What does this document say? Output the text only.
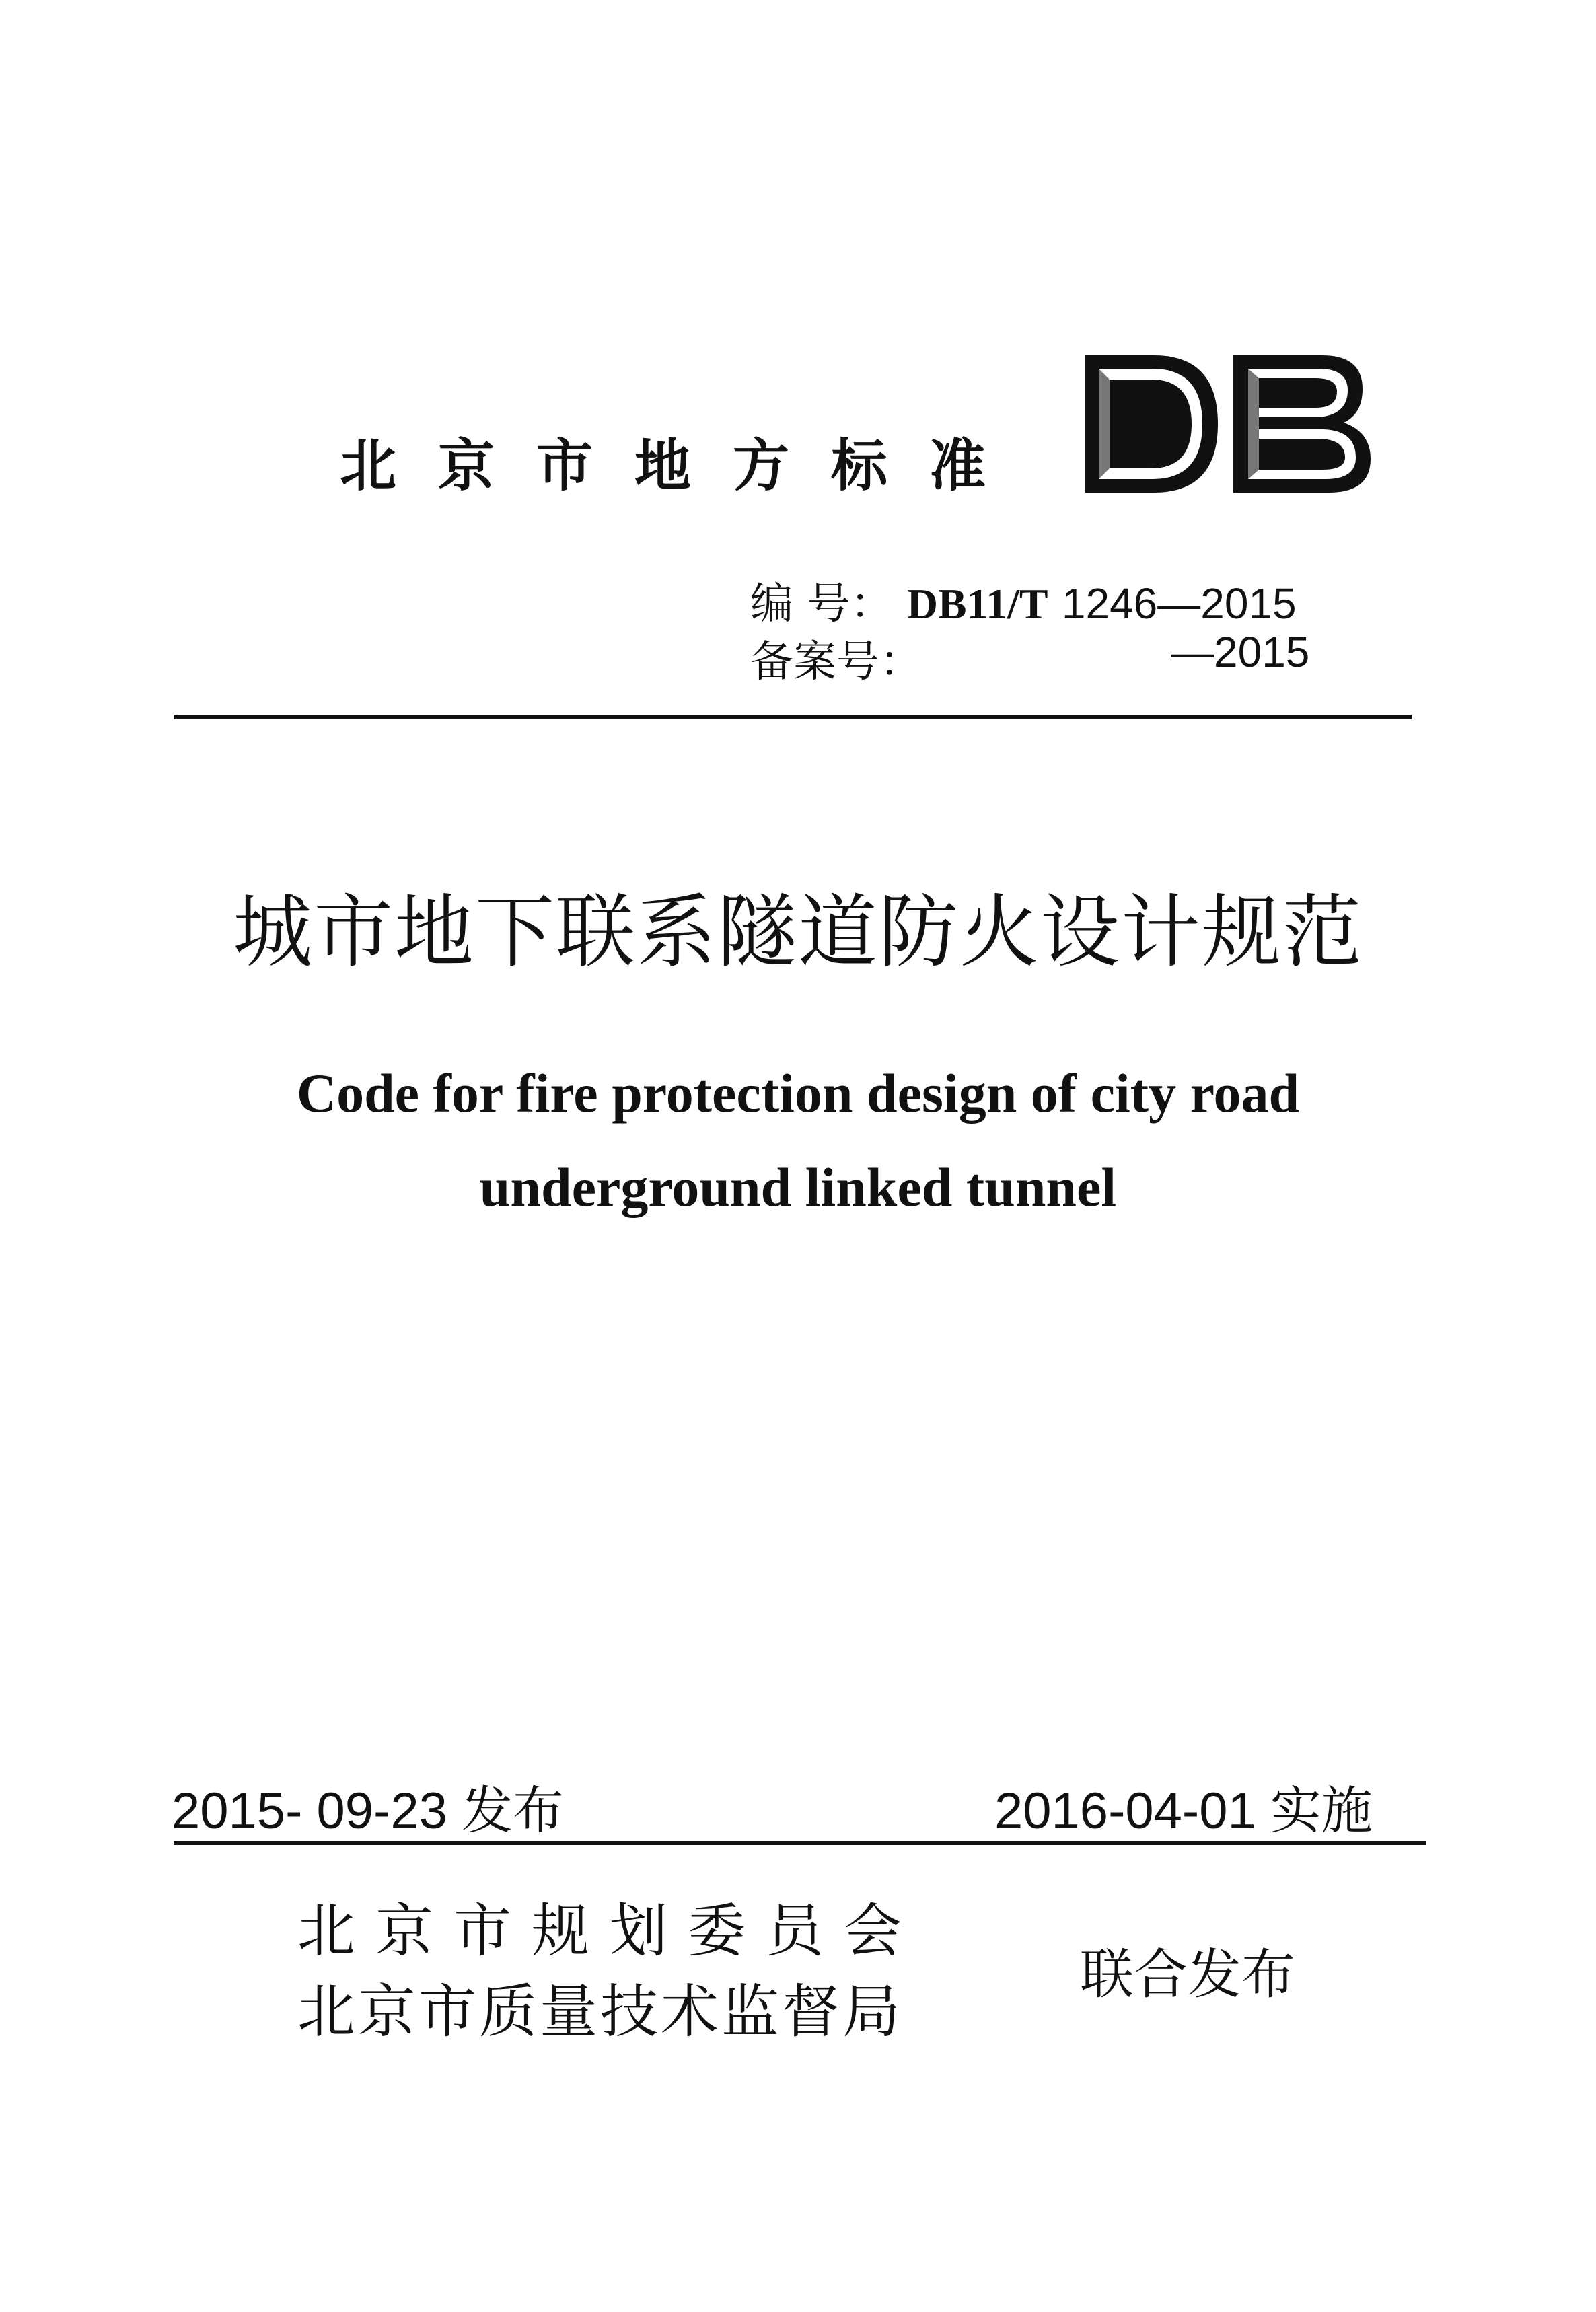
北京市地方标准
编 号： DB11/T 1246—2015
备案号：	—2015
城市地下联系隧道防火设计规范
Code for fire protection design of city road
underground linked tunnel
2015- 09-23 发布	2016-04-01 实施
北京市规划委员会
北京市质量技术监督局
联合发布
